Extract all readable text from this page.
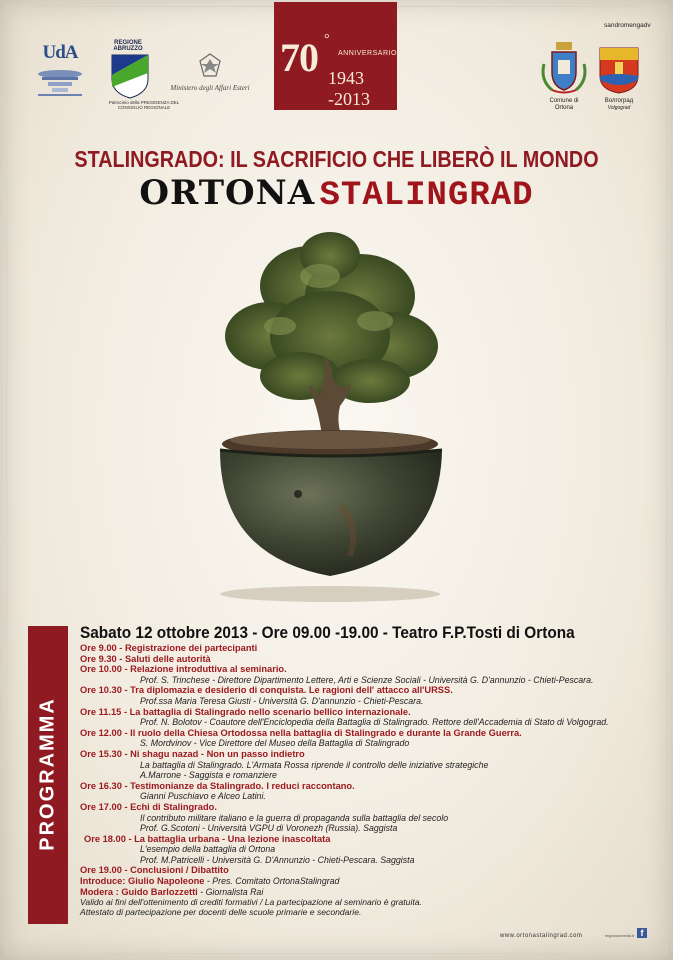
UdA	REGIONE ABRUZZO
Patrocinio della PRESIDENZA DEL CONSIGLIO REGIONALE
Ministero degli Affari Esteri
70 °
ANNIVERSARIO
1943 -2013
sandromengadv
Comune di
Ortona
Волгоград
Volgograd
STALINGRADO: IL SACRIFICIO CHE LIBERÒ IL MONDO
ORTONA STALINGRAD
PROGRAMMA
Sabato 12 ottobre 2013 - Ore 09.00 -19.00 - Teatro F.P.Tosti di Ortona
Ore 9.00 - Registrazione dei partecipanti
Ore 9.30 - Saluti delle autorità
Ore 10.00 - Relazione introduttiva al seminario.
Prof. S. Trinchese - Direttore Dipartimento Lettere, Arti e Scienze Sociali - Università G. D'annunzio - Chieti-Pescara.
Ore 10.30 - Tra diplomazia e desiderio di conquista. Le ragioni dell' attacco all'URSS.
Prof.ssa Maria Teresa Giusti - Università G. D'annunzio - Chieti-Pescara.
Ore 11.15 - La battaglia di Stalingrado nello scenario bellico internazionale.
Prof. N. Bolotov - Coautore dell'Enciclopedia della Battaglia di Stalingrado. Rettore dell'Accademia di Stato di Volgograd.
Ore 12.00 - Il ruolo della Chiesa Ortodossa nella battaglia di Stalingrado e durante la Grande Guerra.
S. Mordvinov - Vice Direttore del Museo della Battaglia di Stalingrado
Ore 15.30 - Ni shagu nazad - Non un passo indietro
La battaglia di Stalingrado. L'Armata Rossa riprende il controllo delle iniziative strategiche
A.Marrone - Saggista e romanziere
Ore 16.30 - Testimonianze da Stalingrado. I reduci raccontano.
Gianni Puschiavo e Alceo Latini.
Ore 17.00 - Echi di Stalingrado.
Il contributo militare italiano e la guerra di propaganda sulla battaglia del secolo
Prof. G.Scotoni - Università VGPU di Voronezh (Russia). Saggista
Ore 18.00 - La battaglia urbana - Una lezione inascoltata
L'esempio della battaglia di Ortona
Prof. M.Patricelli - Università G. D'Annunzio - Chieti-Pescara. Saggista
Ore 19.00 - Conclusioni / Dibattito
Introduce: Giulio Napoleone - Pres. Comitato OrtonaStalingrad
Modera : Guido Barlozzetti - Giornalista Rai
Valido ai fini dell'ottenimento di crediti formativi / La partecipazione al seminario è gratuita.
Attestato di partecipazione per docenti delle scuole primarie e secondarie.
www.ortonastalingrad.com	mignocomedia.it f
